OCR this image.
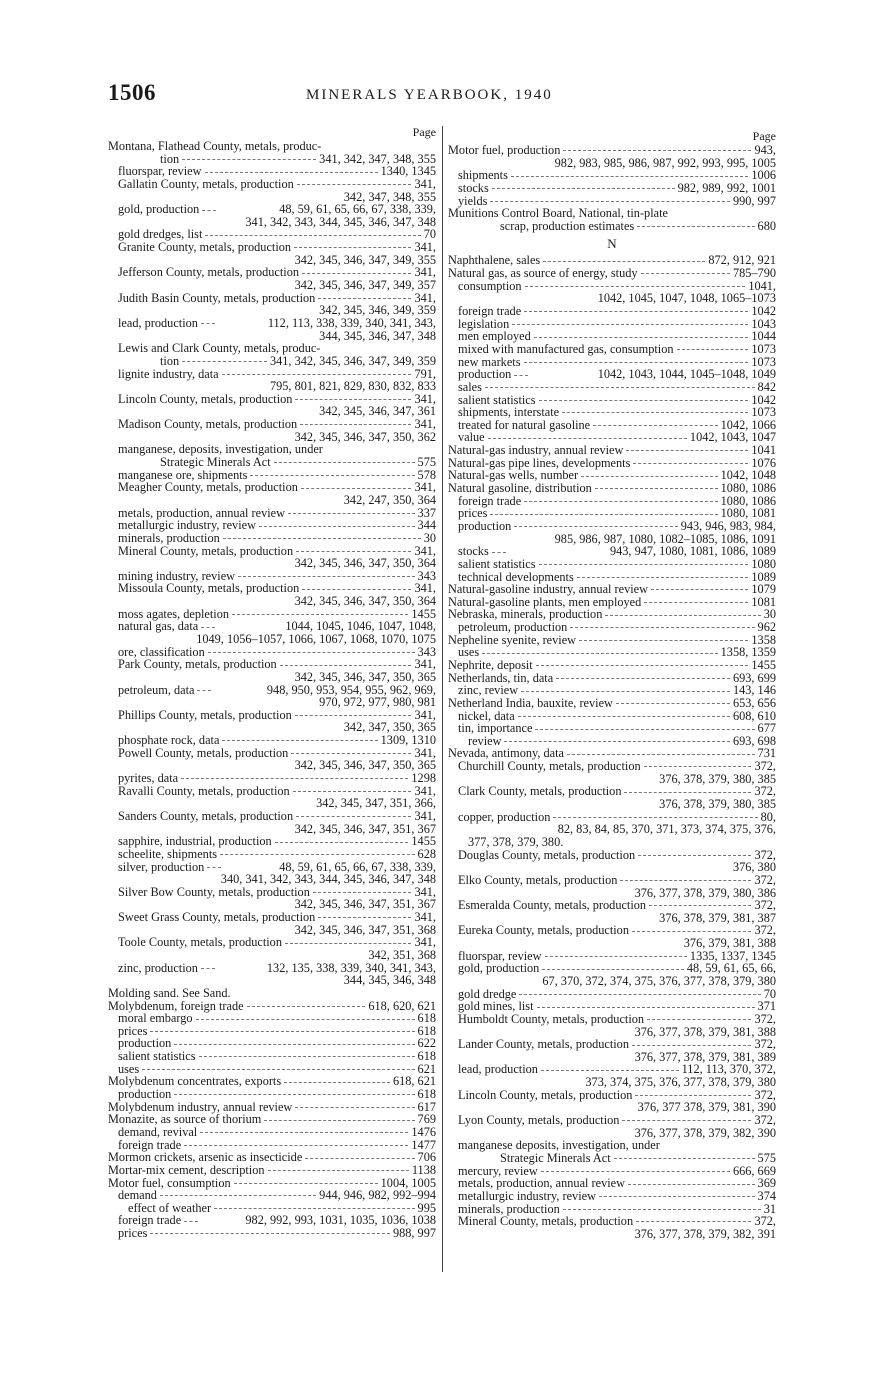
1506	MINERALS YEARBOOK, 1940
Page
Montana, Flathead County, metals, produc-
tion	341, 342, 347, 348, 355
fluorspar, review	1340, 1345
Gallatin County, metals, production	341,
342, 347, 348, 355
gold, production	48, 59, 61, 65, 66, 67, 338, 339,
341, 342, 343, 344, 345, 346, 347, 348
gold dredges, list	70
Granite County, metals, production	341,
342, 345, 346, 347, 349, 355
Jefferson County, metals, production	341,
342, 345, 346, 347, 349, 357
Judith Basin County, metals, production	341,
342, 345, 346, 349, 359
lead, production	112, 113, 338, 339, 340, 341, 343,
344, 345, 346, 347, 348
Lewis and Clark County, metals, produc-
tion	341, 342, 345, 346, 347, 349, 359
lignite industry, data	791,
795, 801, 821, 829, 830, 832, 833
Lincoln County, metals, production	341,
342, 345, 346, 347, 361
Madison County, metals, production	341,
342, 345, 346, 347, 350, 362
manganese, deposits, investigation, under
Strategic Minerals Act	575
manganese ore, shipments	578
Meagher County, metals, production	341,
342, 247, 350, 364
metals, production, annual review	337
metallurgic industry, review	344
minerals, production	30
Mineral County, metals, production	341,
342, 345, 346, 347, 350, 364
mining industry, review	343
Missoula County, metals, production	341,
342, 345, 346, 347, 350, 364
moss agates, depletion	1455
natural gas, data	1044, 1045, 1046, 1047, 1048,
1049, 1056–1057, 1066, 1067, 1068, 1070, 1075
ore, classification	343
Park County, metals, production	341,
342, 345, 346, 347, 350, 365
petroleum, data	948, 950, 953, 954, 955, 962, 969,
970, 972, 977, 980, 981
Phillips County, metals, production	341,
342, 347, 350, 365
phosphate rock, data	1309, 1310
Powell County, metals, production	341,
342, 345, 346, 347, 350, 365
pyrites, data	1298
Ravalli County, metals, production	341,
342, 345, 347, 351, 366,
Sanders County, metals, production	341,
342, 345, 346, 347, 351, 367
sapphire, industrial, production	1455
scheelite, shipments	628
silver, production	48, 59, 61, 65, 66, 67, 338, 339,
340, 341, 342, 343, 344, 345, 346, 347, 348
Silver Bow County, metals, production	341,
342, 345, 346, 347, 351, 367
Sweet Grass County, metals, production	341,
342, 345, 346, 347, 351, 368
Toole County, metals, production	341,
342, 351, 368
zinc, production	132, 135, 338, 339, 340, 341, 343,
344, 345, 346, 348
Molding sand. See Sand.
Molybdenum, foreign trade	618, 620, 621
moral embargo	618
prices	618
production	622
salient statistics	618
uses	621
Molybdenum concentrates, exports	618, 621
production	618
Molybdenum industry, annual review	617
Monazite, as source of thorium	769
demand, revival	1476
foreign trade	1477
Mormon crickets, arsenic as insecticide	706
Mortar-mix cement, description	1138
Motor fuel, consumption	1004, 1005
demand	944, 946, 982, 992–994
effect of weather	995
foreign trade	982, 992, 993, 1031, 1035, 1036, 1038
prices	988, 997
Page
Motor fuel, production	943,
982, 983, 985, 986, 987, 992, 993, 995, 1005
shipments	1006
stocks	982, 989, 992, 1001
yields	990, 997
Munitions Control Board, National, tin-plate
scrap, production estimates	680
N
Naphthalene, sales	872, 912, 921
Natural gas, as source of energy, study	785–790
consumption	1041,
1042, 1045, 1047, 1048, 1065–1073
foreign trade	1042
legislation	1043
men employed	1044
mixed with manufactured gas, consumption	1073
new markets	1073
production	1042, 1043, 1044, 1045–1048, 1049
sales	842
salient statistics	1042
shipments, interstate	1073
treated for natural gasoline	1042, 1066
value	1042, 1043, 1047
Natural-gas industry, annual review	1041
Natural-gas pipe lines, developments	1076
Natural-gas wells, number	1042, 1048
Natural gasoline, distribution	1080, 1086
foreign trade	1080, 1086
prices	1080, 1081
production	943, 946, 983, 984,
985, 986, 987, 1080, 1082–1085, 1086, 1091
stocks	943, 947, 1080, 1081, 1086, 1089
salient statistics	1080
technical developments	1089
Natural-gasoline industry, annual review	1079
Natural-gasoline plants, men employed	1081
Nebraska, minerals, production	30
petroleum, production	962
Nepheline syenite, review	1358
uses	1358, 1359
Nephrite, deposit	1455
Netherlands, tin, data	693, 699
zinc, review	143, 146
Netherland India, bauxite, review	653, 656
nickel, data	608, 610
tin, importance	677
review	693, 698
Nevada, antimony, data	731
Churchill County, metals, production	372,
376, 378, 379, 380, 385
Clark County, metals, production	372,
376, 378, 379, 380, 385
copper, production	80,
82, 83, 84, 85, 370, 371, 373, 374, 375, 376,
377, 378, 379, 380.
Douglas County, metals, production	372,
376, 380
Elko County, metals, production	372,
376, 377, 378, 379, 380, 386
Esmeralda County, metals, production	372,
376, 378, 379, 381, 387
Eureka County, metals, production	372,
376, 379, 381, 388
fluorspar, review	1335, 1337, 1345
gold, production	48, 59, 61, 65, 66,
67, 370, 372, 374, 375, 376, 377, 378, 379, 380
gold dredge	70
gold mines, list	371
Humboldt County, metals, production	372,
376, 377, 378, 379, 381, 388
Lander County, metals, production	372,
376, 377, 378, 379, 381, 389
lead, production	112, 113, 370, 372,
373, 374, 375, 376, 377, 378, 379, 380
Lincoln County, metals, production	372,
376, 377 378, 379, 381, 390
Lyon County, metals, production	372,
376, 377, 378, 379, 382, 390
manganese deposits, investigation, under
Strategic Minerals Act	575
mercury, review	666, 669
metals, production, annual review	369
metallurgic industry, review	374
minerals, production	31
Mineral County, metals, production	372,
376, 377, 378, 379, 382, 391
